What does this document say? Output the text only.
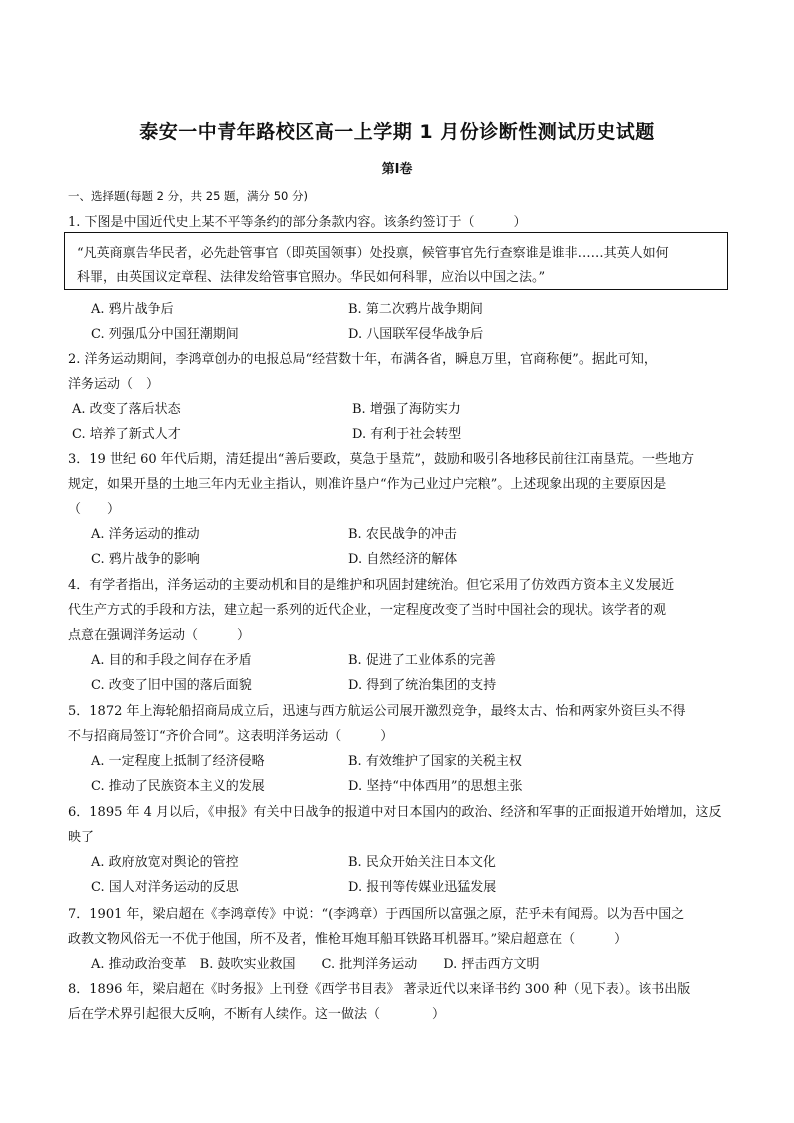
泰安一中青年路校区高一上学期 1 月份诊断性测试历史试题
第Ⅰ卷
一、选择题(每题 2 分，共 25 题，满分 50 分)
1. 下图是中国近代史上某不平等条约的部分条款内容。该条约签订于（　　　）
“凡英商禀告华民者，必先赴管事官（即英国领事）处投禀，候管事官先行查察谁是谁非……其英人如何
科罪，由英国议定章程、法律发给管事官照办。华民如何科罪，应治以中国之法。”
A. 鸦片战争后	B. 第二次鸦片战争期间
C. 列强瓜分中国狂潮期间	D. 八国联军侵华战争后
2. 洋务运动期间，李鸿章创办的电报总局“经营数十年，布满各省，瞬息万里，官商称便”。据此可知，
洋务运动（　）
A. 改变了落后状态	B. 增强了海防实力
C. 培养了新式人才	D. 有利于社会转型
3．19 世纪 60 年代后期，清廷提出“善后要政，莫急于垦荒”，鼓励和吸引各地移民前往江南垦荒。一些地方
规定，如果开垦的土地三年内无业主指认，则准许垦户“作为己业过户完粮”。上述现象出现的主要原因是
（　　）
A. 洋务运动的推动	B. 农民战争的冲击
C. 鸦片战争的影响	D. 自然经济的解体
4．有学者指出，洋务运动的主要动机和目的是维护和巩固封建统治。但它采用了仿效西方资本主义发展近
代生产方式的手段和方法，建立起一系列的近代企业，一定程度改变了当时中国社会的现状。该学者的观
点意在强调洋务运动（　　　）
A. 目的和手段之间存在矛盾	B. 促进了工业体系的完善
C. 改变了旧中国的落后面貌	D. 得到了统治集团的支持
5．1872 年上海轮船招商局成立后，迅速与西方航运公司展开激烈竞争，最终太古、怡和两家外资巨头不得
不与招商局签订“齐价合同”。这表明洋务运动（　　　）
A. 一定程度上抵制了经济侵略	B. 有效维护了国家的关税主权
C. 推动了民族资本主义的发展	D. 坚持“中体西用”的思想主张
6．1895 年 4 月以后，《申报》有关中日战争的报道中对日本国内的政治、经济和军事的正面报道开始增加，这反
映了
A. 政府放宽对舆论的管控	B. 民众开始关注日本文化
C. 国人对洋务运动的反思	D. 报刊等传媒业迅猛发展
7．1901 年，梁启超在《李鸿章传》中说：“(李鸿章）于西国所以富强之原，茫乎未有闻焉。以为吾中国之
政教文物风俗无一不优于他国，所不及者，惟枪耳炮耳船耳铁路耳机器耳。”梁启超意在（　　　）
A. 推动政治变革　B. 鼓吹实业救国　　C. 批判洋务运动　　D. 抨击西方文明
8．1896 年，梁启超在《时务报》上刊登《西学书目表》 著录近代以来译书约 300 种（见下表）。该书出版
后在学术界引起很大反响，不断有人续作。这一做法（　　　　）
